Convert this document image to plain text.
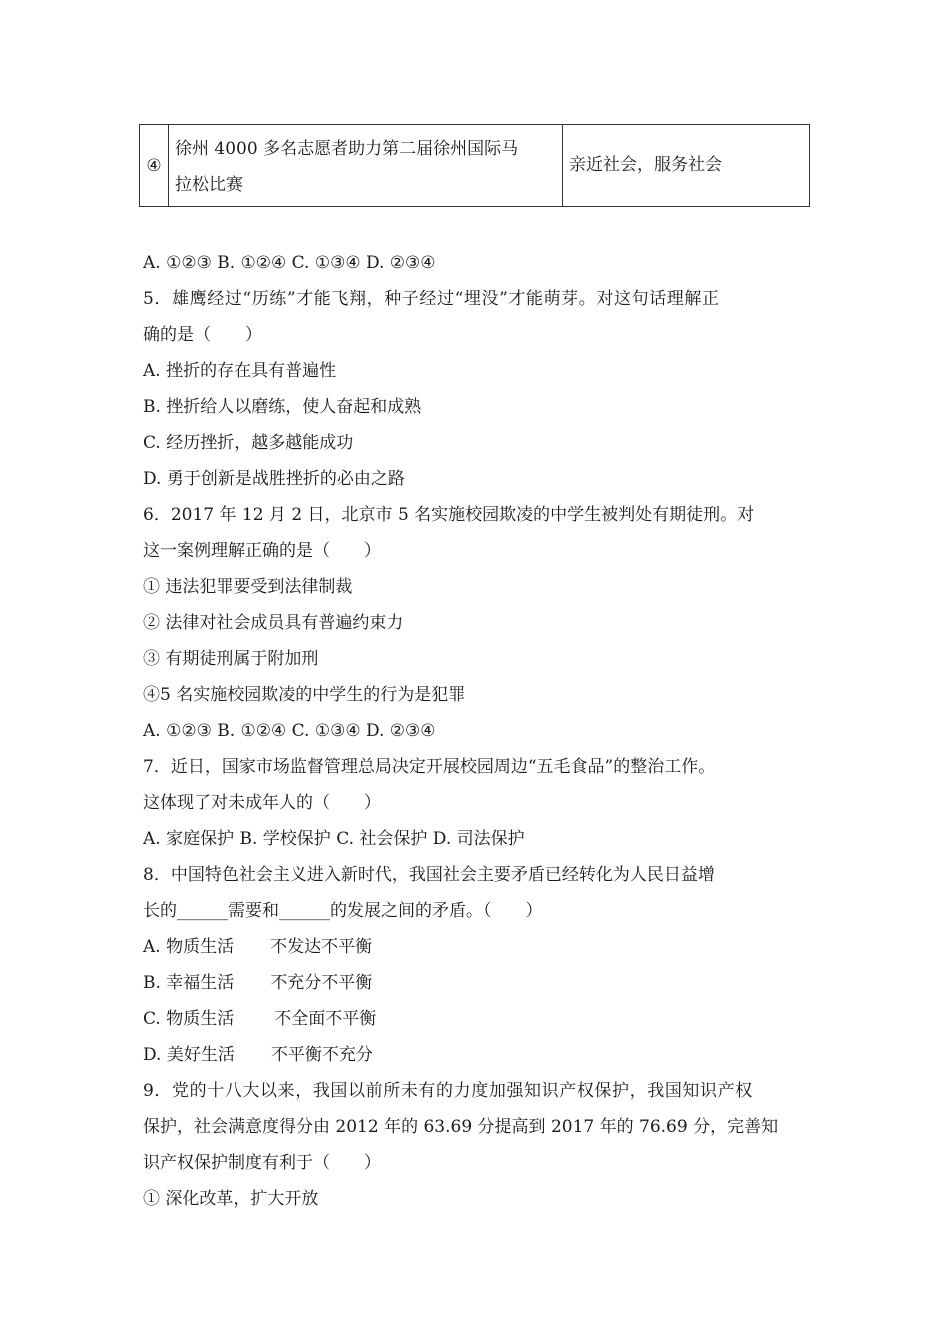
④
徐州 4000 多名志愿者助力第二届徐州国际马
拉松比赛
亲近社会，服务社会
A. ①②③ B. ①②④ C. ①③④ D. ②③④
5．雄鹰经过“历练”才能飞翔，种子经过“埋没”才能萌芽。对这句话理解正
确的是（　　）
A. 挫折的存在具有普遍性
B. 挫折给人以磨练，使人奋起和成熟
C. 经历挫折，越多越能成功
D. 勇于创新是战胜挫折的必由之路
6．2017 年 12 月 2 日，北京市 5 名实施校园欺凌的中学生被判处有期徒刑。对
这一案例理解正确的是（　　）
① 违法犯罪要受到法律制裁
② 法律对社会成员具有普遍约束力
③ 有期徒刑属于附加刑
④5 名实施校园欺凌的中学生的行为是犯罪
A. ①②③ B. ①②④ C. ①③④ D. ②③④
7．近日，国家市场监督管理总局决定开展校园周边“五毛食品”的整治工作。
这体现了对未成年人的（　　）
A. 家庭保护 B. 学校保护 C. 社会保护 D. 司法保护
8．中国特色社会主义进入新时代，我国社会主要矛盾已经转化为人民日益增
长的______需要和______的发展之间的矛盾。（　　）
A. 物质生活 不发达不平衡
B. 幸福生活 不充分不平衡
C. 物质生活 不全面不平衡
D. 美好生活 不平衡不充分
9．党的十八大以来，我国以前所未有的力度加强知识产权保护，我国知识产权
保护，社会满意度得分由 2012 年的 63.69 分提高到 2017 年的 76.69 分，完善知
识产权保护制度有利于（　　）
① 深化改革，扩大开放
